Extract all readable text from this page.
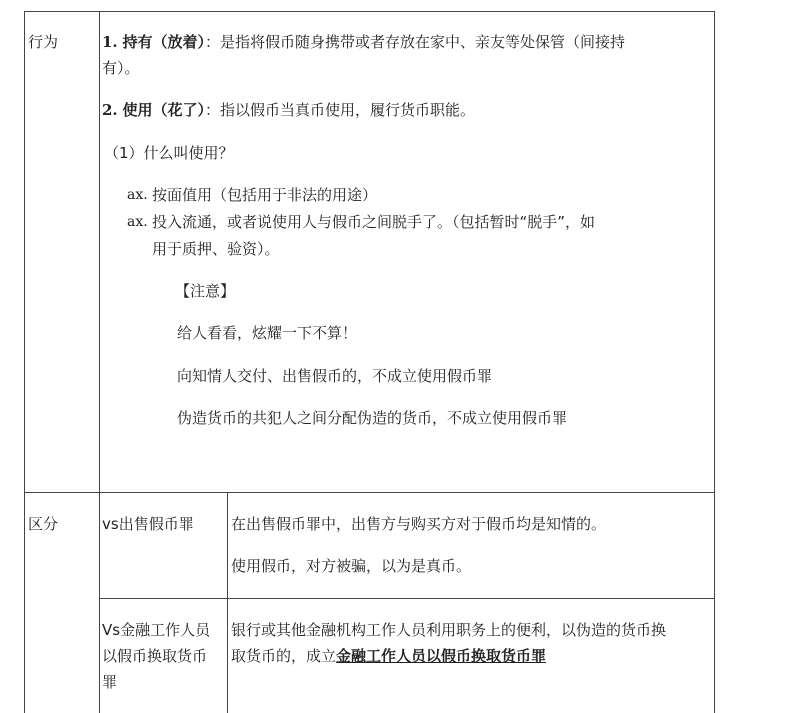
行为	1. 持有（放着）：是指将假币随身携带或者存放在家中、亲友等处保管（间接持
有）。
2. 使用（花了）：指以假币当真币使用，履行货币职能。
（1）什么叫使用？
ax. 按面值用（包括用于非法的用途）
ax. 投入流通，或者说使用人与假币之间脱手了。（包括暂时“脱手”，如
用于质押、验资）。
【注意】
给人看看，炫耀一下不算！
向知情人交付、出售假币的，不成立使用假币罪
伪造货币的共犯人之间分配伪造的货币，不成立使用假币罪
区分	vs出售假币罪 在出售假币罪中，出售方与购买方对于假币均是知情的。
使用假币，对方被骗，以为是真币。
Vs金融工作人员
以假币换取货币
罪
银行或其他金融机构工作人员利用职务上的便利，以伪造的货币换
取货币的，成立金融工作人员以假币换取货币罪
